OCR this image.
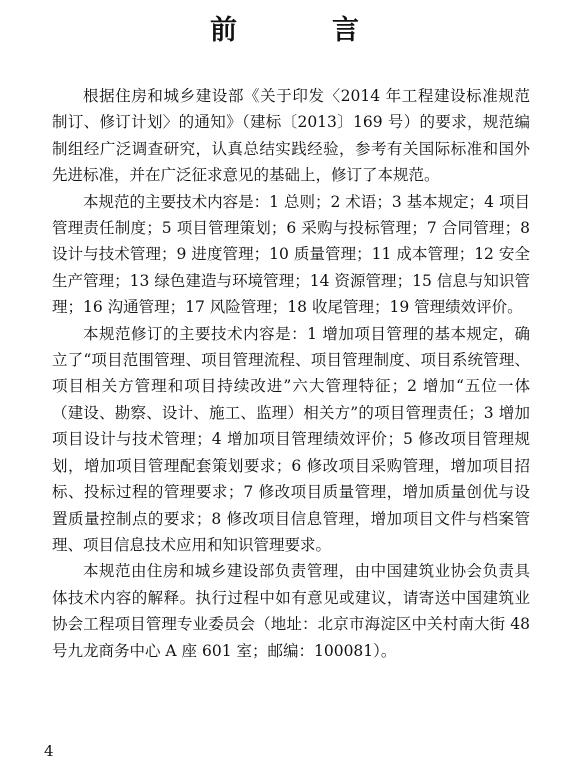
前　言

根据住房和城乡建设部《关于印发〈2014 年工程建设标准规范制订、修订计划〉的通知》（建标〔2013〕169 号）的要求，规范编制组经广泛调查研究，认真总结实践经验，参考有关国际标准和国外先进标准，并在广泛征求意见的基础上，修订了本规范。

本规范的主要技术内容是：1 总则；2 术语；3 基本规定；4 项目管理责任制度；5 项目管理策划；6 采购与投标管理；7 合同管理；8 设计与技术管理；9 进度管理；10 质量管理；11 成本管理；12 安全生产管理；13 绿色建造与环境管理；14 资源管理；15 信息与知识管理；16 沟通管理；17 风险管理；18 收尾管理；19 管理绩效评价。

本规范修订的主要技术内容是：1 增加项目管理的基本规定，确立了“项目范围管理、项目管理流程、项目管理制度、项目系统管理、项目相关方管理和项目持续改进”六大管理特征；2 增加“五位一体（建设、勘察、设计、施工、监理）相关方”的项目管理责任；3 增加项目设计与技术管理；4 增加项目管理绩效评价；5 修改项目管理规划，增加项目管理配套策划要求；6 修改项目采购管理，增加项目招标、投标过程的管理要求；7 修改项目质量管理，增加质量创优与设置质量控制点的要求；8 修改项目信息管理，增加项目文件与档案管理、项目信息技术应用和知识管理要求。

本规范由住房和城乡建设部负责管理，由中国建筑业协会负责具体技术内容的解释。执行过程中如有意见或建议，请寄送中国建筑业协会工程项目管理专业委员会（地址：北京市海淀区中关村南大街 48 号九龙商务中心 A 座 601 室；邮编：100081）。

4
